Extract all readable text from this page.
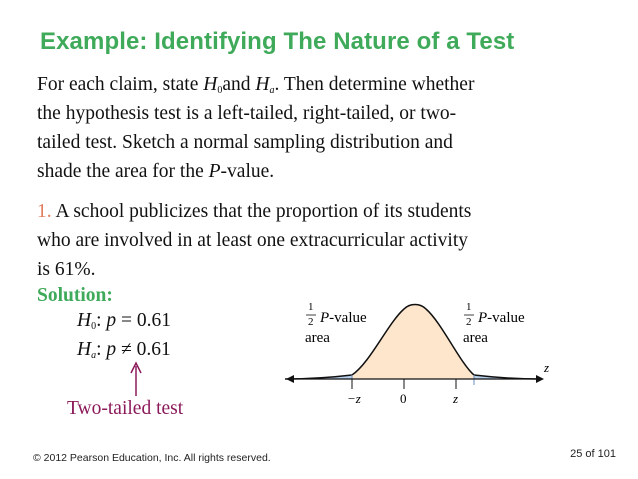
Example: Identifying The Nature of a Test
For each claim, state $H_0and$ $H_a$. Then determine whether
the hypothesis test is a left-tailed, right-tailed, or two-
tailed test. Sketch a normal sampling distribution and
shade the area for the P-value.
1. A school publicizes that the proportion of its students
who are involved in at least one extracurricular activity
is 61%.
Solution:
$H_0$: p = 0.61
$H_a$: p ≠ 0.61
Two-tailed test	−z	0	z
z
1
2 P-value
area
1
2 P-value
area
© 2012 Pearson Education, Inc. All rights reserved.	25 of 101
